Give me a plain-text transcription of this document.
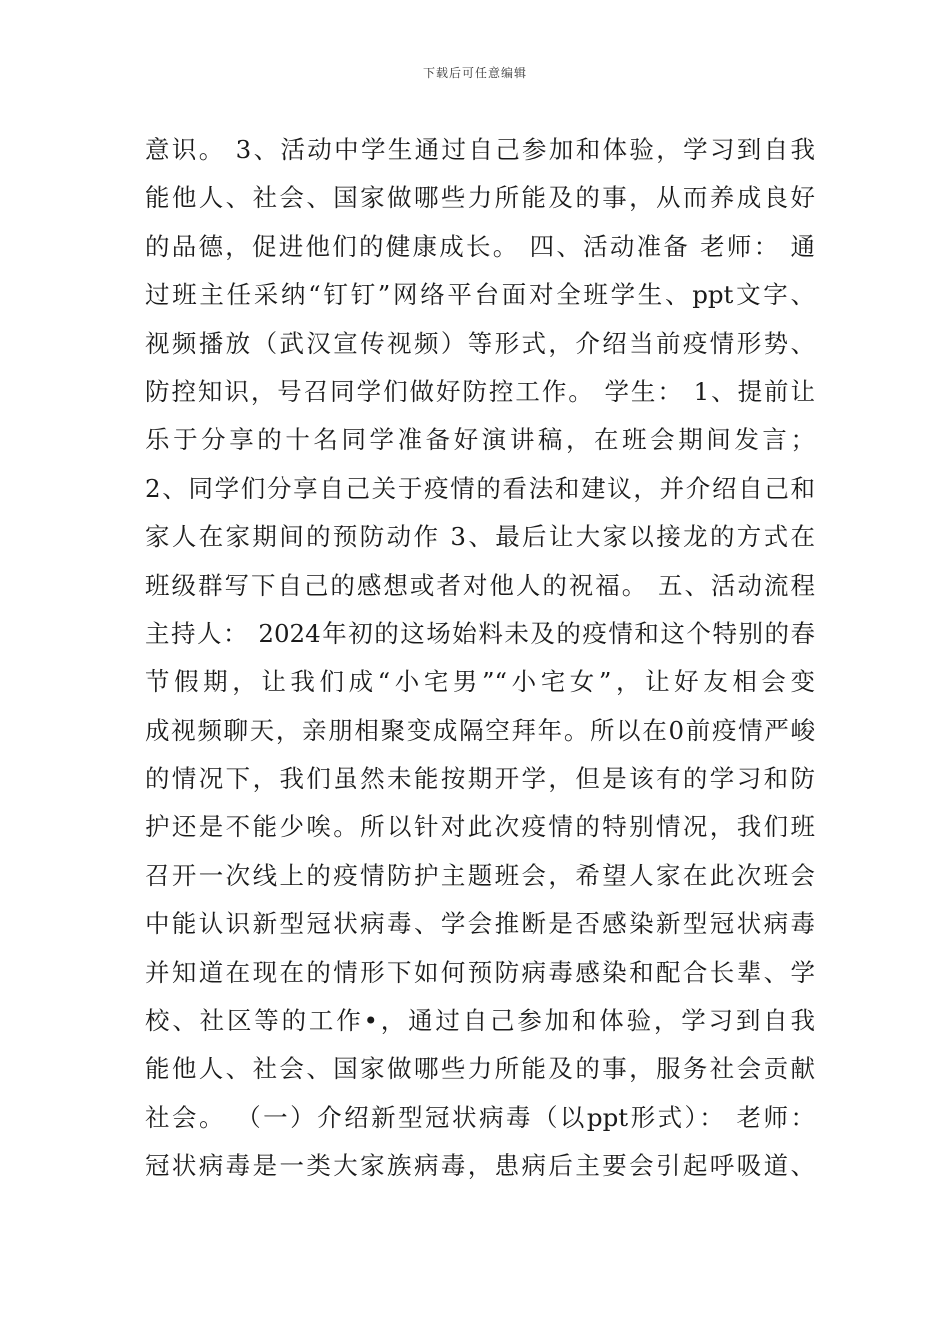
下载后可任意编辑
意识。 3、活动中学生通过自己参加和体验，学习到自我
能他人、社会、国家做哪些力所能及的事，从而养成良好
的品德，促进他们的健康成长。 四、活动准备 老师： 通
过班主任采纳“钉钉”网络平台面对全班学生、ppt文字、
视频播放（武汉宣传视频）等形式，介绍当前疫情形势、
防控知识，号召同学们做好防控工作。 学生： 1、提前让
乐于分享的十名同学准备好演讲稿，在班会期间发言；
2、同学们分享自己关于疫情的看法和建议，并介绍自己和
家人在家期间的预防动作 3、最后让大家以接龙的方式在
班级群写下自己的感想或者对他人的祝福。 五、活动流程
主持人： 2024年初的这场始料未及的疫情和这个特别的春
节假期，让我们成“小宅男”“小宅女”，让好友相会变
成视频聊天，亲朋相聚变成隔空拜年。所以在0前疫情严峻
的情况下，我们虽然未能按期开学，但是该有的学习和防
护还是不能少唉。所以针对此次疫情的特别情况，我们班
召开一次线上的疫情防护主题班会，希望人家在此次班会
中能认识新型冠状病毒、学会推断是否感染新型冠状病毒
并知道在现在的情形下如何预防病毒感染和配合长辈、学
校、社区等的工作•，通过自己参加和体验，学习到自我
能他人、社会、国家做哪些力所能及的事，服务社会贡献
社会。 （一）介绍新型冠状病毒（以ppt形式）： 老师：
冠状病毒是一类大家族病毒，患病后主要会引起呼吸道、
